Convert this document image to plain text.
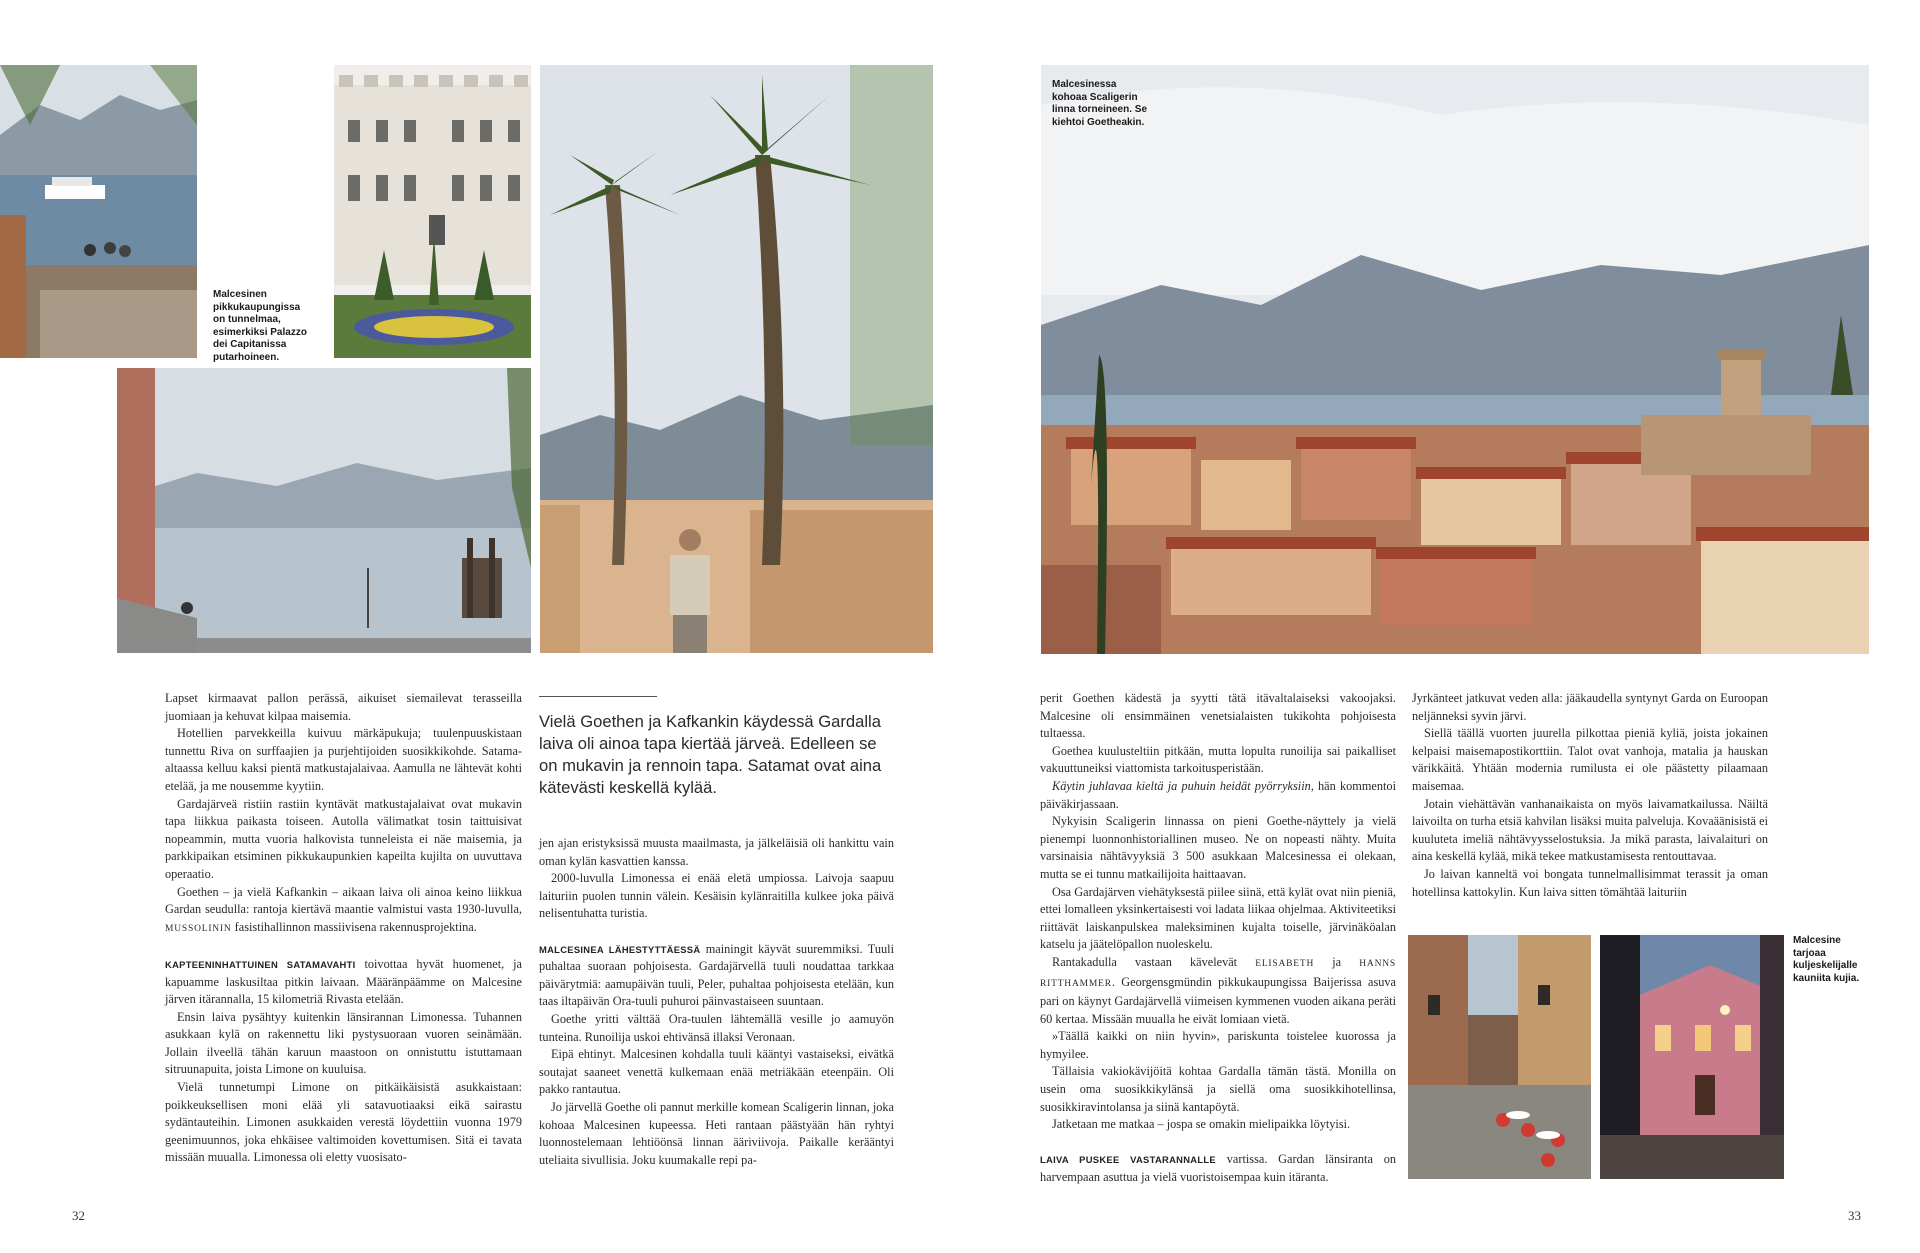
Malcesinen
pikkukaupungissa
on tunnelmaa,
esimerkiksi Palazzo
dei Capitanissa
putarhoineen.
Malcesinessa
kohoaa Scaligerin
linna torneineen. Se
kiehtoi Goetheakin.
Malcesine
tarjoaa
kuljeskelijalle
kauniita kujia.
Vielä Goethen ja Kafkankin käydessä Gardalla laiva oli ainoa tapa kiertää järveä. Edelleen se on mukavin ja rennoin tapa. Satamat ovat aina kätevästi keskellä kylää.

Lapset kirmaavat pallon perässä, aikuiset siemailevat terasseilla juomiaan ja kehuvat kilpaa maisemia.

Hotellien parvekkeilla kuivuu märkäpukuja; tuulenpuuskistaan tunnettu Riva on surffaajien ja purjehtijoiden suosikkikohde. Satama-altaassa kelluu kaksi pientä matkustajalaivaa. Aamulla ne lähtevät kohti etelää, ja me nousemme kyytiin.

Gardajärveä ristiin rastiin kyntävät matkustajalaivat ovat mukavin tapa liikkua paikasta toiseen. Autolla välimatkat tosin taittuisivat nopeammin, mutta vuoria halkovista tunneleista ei näe maisemia, ja parkkipaikan etsiminen pikkukaupunkien kapeilta kujilta on uuvuttava operaatio.

Goethen – ja vielä Kafkankin – aikaan laiva oli ainoa keino liikkua Gardan seudulla: rantoja kiertävä maantie valmistui vasta 1930-luvulla, MUSSOLININ fasistihallinnon massiivisena rakennusprojektina.

KAPTEENINHATTUINEN SATAMAVAHTI toivottaa hyvät huomenet, ja kapuamme laskusiltaa pitkin laivaan. Määränpäämme on Malcesine järven itärannalla, 15 kilometriä Rivasta etelään.

Ensin laiva pysähtyy kuitenkin länsirannan Limonessa. Tuhannen asukkaan kylä on rakennettu liki pystysuoraan vuoren seinämään. Jollain ilveellä tähän karuun maastoon on onnistuttu istuttamaan sitruunapuita, joista Limone on kuuluisa.

Vielä tunnetumpi Limone on pitkäikäisistä asukkaistaan: poikkeuksellisen moni elää yli satavuotiaaksi eikä sairastu sydäntauteihin. Limonen asukkaiden verestä löydettiin vuonna 1979 geenimuunnos, joka ehkäisee valtimoiden kovettumisen. Sitä ei tavata missään muualla. Limonessa oli eletty vuosisato-

jen ajan eristyksissä muusta maailmasta, ja jälkeläisiä oli hankittu vain oman kylän kasvattien kanssa.

2000-luvulla Limonessa ei enää eletä umpiossa. Laivoja saapuu laituriin puolen tunnin välein. Kesäisin kylänraitilla kulkee joka päivä nelisentuhatta turistia.

MALCESINEA LÄHESTYTTÄESSÄ mainingit käyvät suuremmiksi. Tuuli puhaltaa suoraan pohjoisesta. Gardajärvellä tuuli noudattaa tarkkaa päivärytmiä: aamupäivän tuuli, Peler, puhaltaa pohjoisesta etelään, kun taas iltapäivän Ora-tuuli puhuroi päinvastaiseen suuntaan.

Goethe yritti välttää Ora-tuulen lähtemällä vesille jo aamuyön tunteina. Runoilija uskoi ehtivänsä illaksi Veronaan.

Eipä ehtinyt. Malcesinen kohdalla tuuli kääntyi vastaiseksi, eivätkä soutajat saaneet venettä kulkemaan enää metriäkään eteenpäin. Oli pakko rantautua.

Jo järvellä Goethe oli pannut merkille komean Scaligerin linnan, joka kohoaa Malcesinen kupeessa. Heti rantaan päästyään hän ryhtyi luonnostelemaan lehtiöönsä linnan ääriviivoja. Paikalle kerääntyi uteliaita sivullisia. Joku kuumakalle repi pa-

perit Goethen kädestä ja syytti tätä itävaltalaiseksi vakoojaksi. Malcesine oli ensimmäinen venetsialaisten tukikohta pohjoisesta tultaessa.

Goethea kuulusteltiin pitkään, mutta lopulta runoilija sai paikalliset vakuuttuneiksi viattomista tarkoitusperistään.

Käytin juhlavaa kieltä ja puhuin heidät pyörryksiin, hän kommentoi päiväkirjassaan.

Nykyisin Scaligerin linnassa on pieni Goethe-näyttely ja vielä pienempi luonnonhistoriallinen museo. Ne on nopeasti nähty. Muita varsinaisia nähtävyyksiä 3 500 asukkaan Malcesinessa ei olekaan, mutta se ei tunnu matkailijoita haittaavan.

Osa Gardajärven viehätyksestä piilee siinä, että kylät ovat niin pieniä, ettei lomalleen yksinkertaisesti voi ladata liikaa ohjelmaa. Aktiviteetiksi riittävät laiskanpulskea maleksiminen kujalta toiselle, järvinäköalan katselu ja jäätelöpallon nuoleskelu.

Rantakadulla vastaan kävelevät ELISABETH ja HANNS RITTHAMMER. Georgensgmündin pikkukaupungissa Baijerissa asuva pari on käynyt Gardajärvellä viimeisen kymmenen vuoden aikana peräti 60 kertaa. Missään muualla he eivät lomiaan vietä.

»Täällä kaikki on niin hyvin», pariskunta toistelee kuorossa ja hymyilee.

Tällaisia vakiokävijöitä kohtaa Gardalla tämän tästä. Monilla on usein oma suosikkikylänsä ja siellä oma suosikkihotellinsa, suosikkiravintolansa ja siinä kantapöytä.

Jatketaan me matkaa – jospa se omakin mielipaikka löytyisi.

LAIVA PUSKEE VASTARANNALLE vartissa. Gardan länsiranta on harvempaan asuttua ja vielä vuoristoisempaa kuin itäranta.

Jyrkänteet jatkuvat veden alla: jääkaudella syntynyt Garda on Euroopan neljänneksi syvin järvi.

Siellä täällä vuorten juurella pilkottaa pieniä kyliä, joista jokainen kelpaisi maisemapostikorttiin. Talot ovat vanhoja, matalia ja hauskan värikkäitä. Yhtään modernia rumilusta ei ole päästetty pilaamaan maisemaa.

Jotain viehättävän vanhanaikaista on myös laivamatkailussa. Näiltä laivoilta on turha etsiä kahvilan lisäksi muita palveluja. Kovaäänisistä ei kuuluteta imeliä nähtävyysselostuksia. Ja mikä parasta, laivalaituri on aina keskellä kylää, mikä tekee matkustamisesta rentouttavaa.

Jo laivan kanneltä voi bongata tunnelmallisimmat terassit ja oman hotellinsa kattokylin. Kun laiva sitten tömähtää laituriin

32	33
